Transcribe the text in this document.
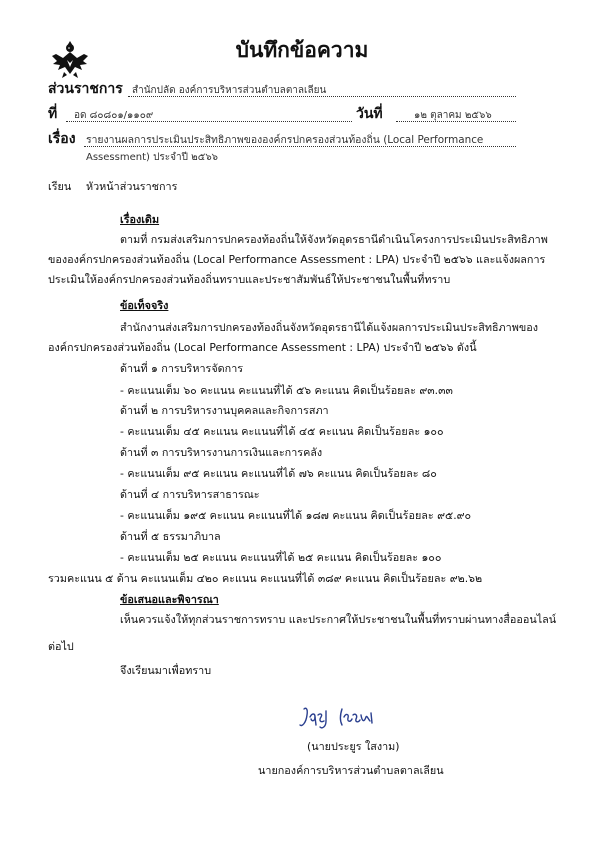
บันทึกข้อความ
ส่วนราชการ สำนักปลัด องค์การบริหารส่วนตำบลตาลเลียน
ที่ อด ๘๐๘๐๑/๑๑๐๙	วันที่	๑๒ ตุลาคม ๒๕๖๖
เรื่อง รายงานผลการประเมินประสิทธิภาพขององค์กรปกครองส่วนท้องถิ่น (Local Performance
Assessment) ประจำปี ๒๕๖๖
เรียน หัวหน้าส่วนราชการ
เรื่องเดิม
ตามที่ กรมส่งเสริมการปกครองท้องถิ่นให้จังหวัดอุดรธานีดำเนินโครงการประเมินประสิทธิภาพ
ขององค์กรปกครองส่วนท้องถิ่น (Local Performance Assessment : LPA) ประจำปี ๒๕๖๖ และแจ้งผลการ
ประเมินให้องค์กรปกครองส่วนท้องถิ่นทราบและประชาสัมพันธ์ให้ประชาชนในพื้นที่ทราบ
ข้อเท็จจริง
สำนักงานส่งเสริมการปกครองท้องถิ่นจังหวัดอุดรธานีได้แจ้งผลการประเมินประสิทธิภาพของ
องค์กรปกครองส่วนท้องถิ่น (Local Performance Assessment : LPA) ประจำปี ๒๕๖๖ ดังนี้
ด้านที่ ๑ การบริหารจัดการ
- คะแนนเต็ม ๖๐ คะแนน คะแนนที่ได้ ๕๖ คะแนน คิดเป็นร้อยละ ๙๓.๓๓
ด้านที่ ๒ การบริหารงานบุคคลและกิจการสภา
- คะแนนเต็ม ๔๕ คะแนน คะแนนที่ได้ ๔๕ คะแนน คิดเป็นร้อยละ ๑๐๐
ด้านที่ ๓ การบริหารงานการเงินและการคลัง
- คะแนนเต็ม ๙๕ คะแนน คะแนนที่ได้ ๗๖ คะแนน คิดเป็นร้อยละ ๘๐
ด้านที่ ๔ การบริหารสาธารณะ
- คะแนนเต็ม ๑๙๕ คะแนน คะแนนที่ได้ ๑๘๗ คะแนน คิดเป็นร้อยละ ๙๕.๙๐
ด้านที่ ๕ ธรรมาภิบาล
- คะแนนเต็ม ๒๕ คะแนน คะแนนที่ได้ ๒๕ คะแนน คิดเป็นร้อยละ ๑๐๐
รวมคะแนน ๕ ด้าน คะแนนเต็ม ๔๒๐ คะแนน คะแนนที่ได้ ๓๘๙ คะแนน คิดเป็นร้อยละ ๙๒.๖๒
ข้อเสนอและพิจารณา
เห็นควรแจ้งให้ทุกส่วนราชการทราบ และประกาศให้ประชาชนในพื้นที่ทราบผ่านทางสื่อออนไลน์
ต่อไป
จึงเรียนมาเพื่อทราบ
(นายประยูร ใสงาม)
นายกองค์การบริหารส่วนตำบลตาลเลียน
